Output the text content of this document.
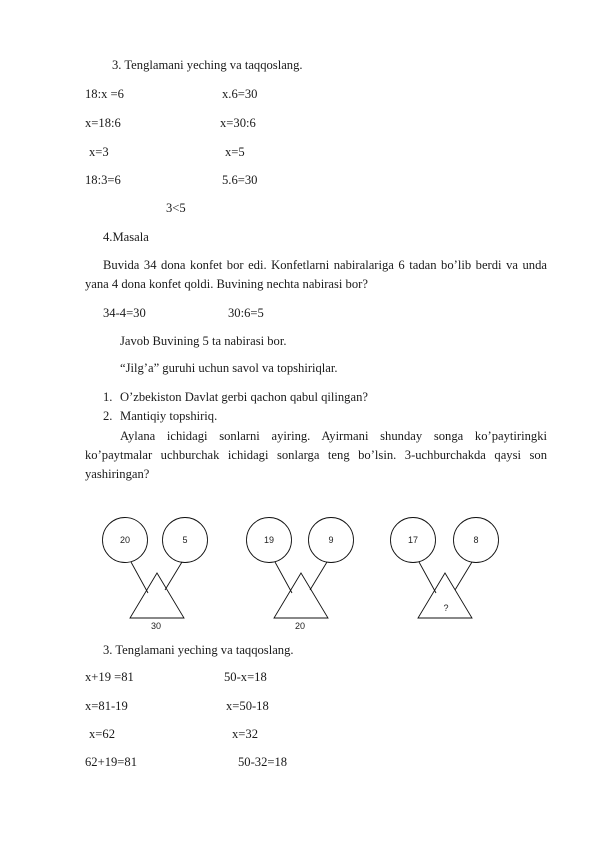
3. Tenglamani yeching va taqqoslang.
18:x =6	x.6=30
x=18:6	x=30:6
x=3	x=5
18:3=6	5.6=30
3<5
4.Masala
Buvida 34 dona konfet bor edi. Konfetlarni nabiralariga 6 tadan bo’lib berdi va unda yana 4 dona konfet qoldi. Buvining nechta nabirasi bor?
34-4=30	30:6=5
Javob Buvining 5 ta nabirasi bor.
“Jilg’a” guruhi uchun savol va topshiriqlar.
1. O’zbekiston Davlat gerbi qachon qabul qilingan?
2. Mantiqiy topshiriq.
Aylana ichidagi sonlarni ayiring. Ayirmani shunday songa ko’paytiringki ko’paytmalar uchburchak ichidagi sonlarga teng bo’lsin. 3-uchburchakda qaysi son yashiringan?
20	5
30
19	9
20
17	8
?
3. Tenglamani yeching va taqqoslang.
x+19 =81	50-x=18
x=81-19	x=50-18
x=62	x=32
62+19=81	50-32=18
